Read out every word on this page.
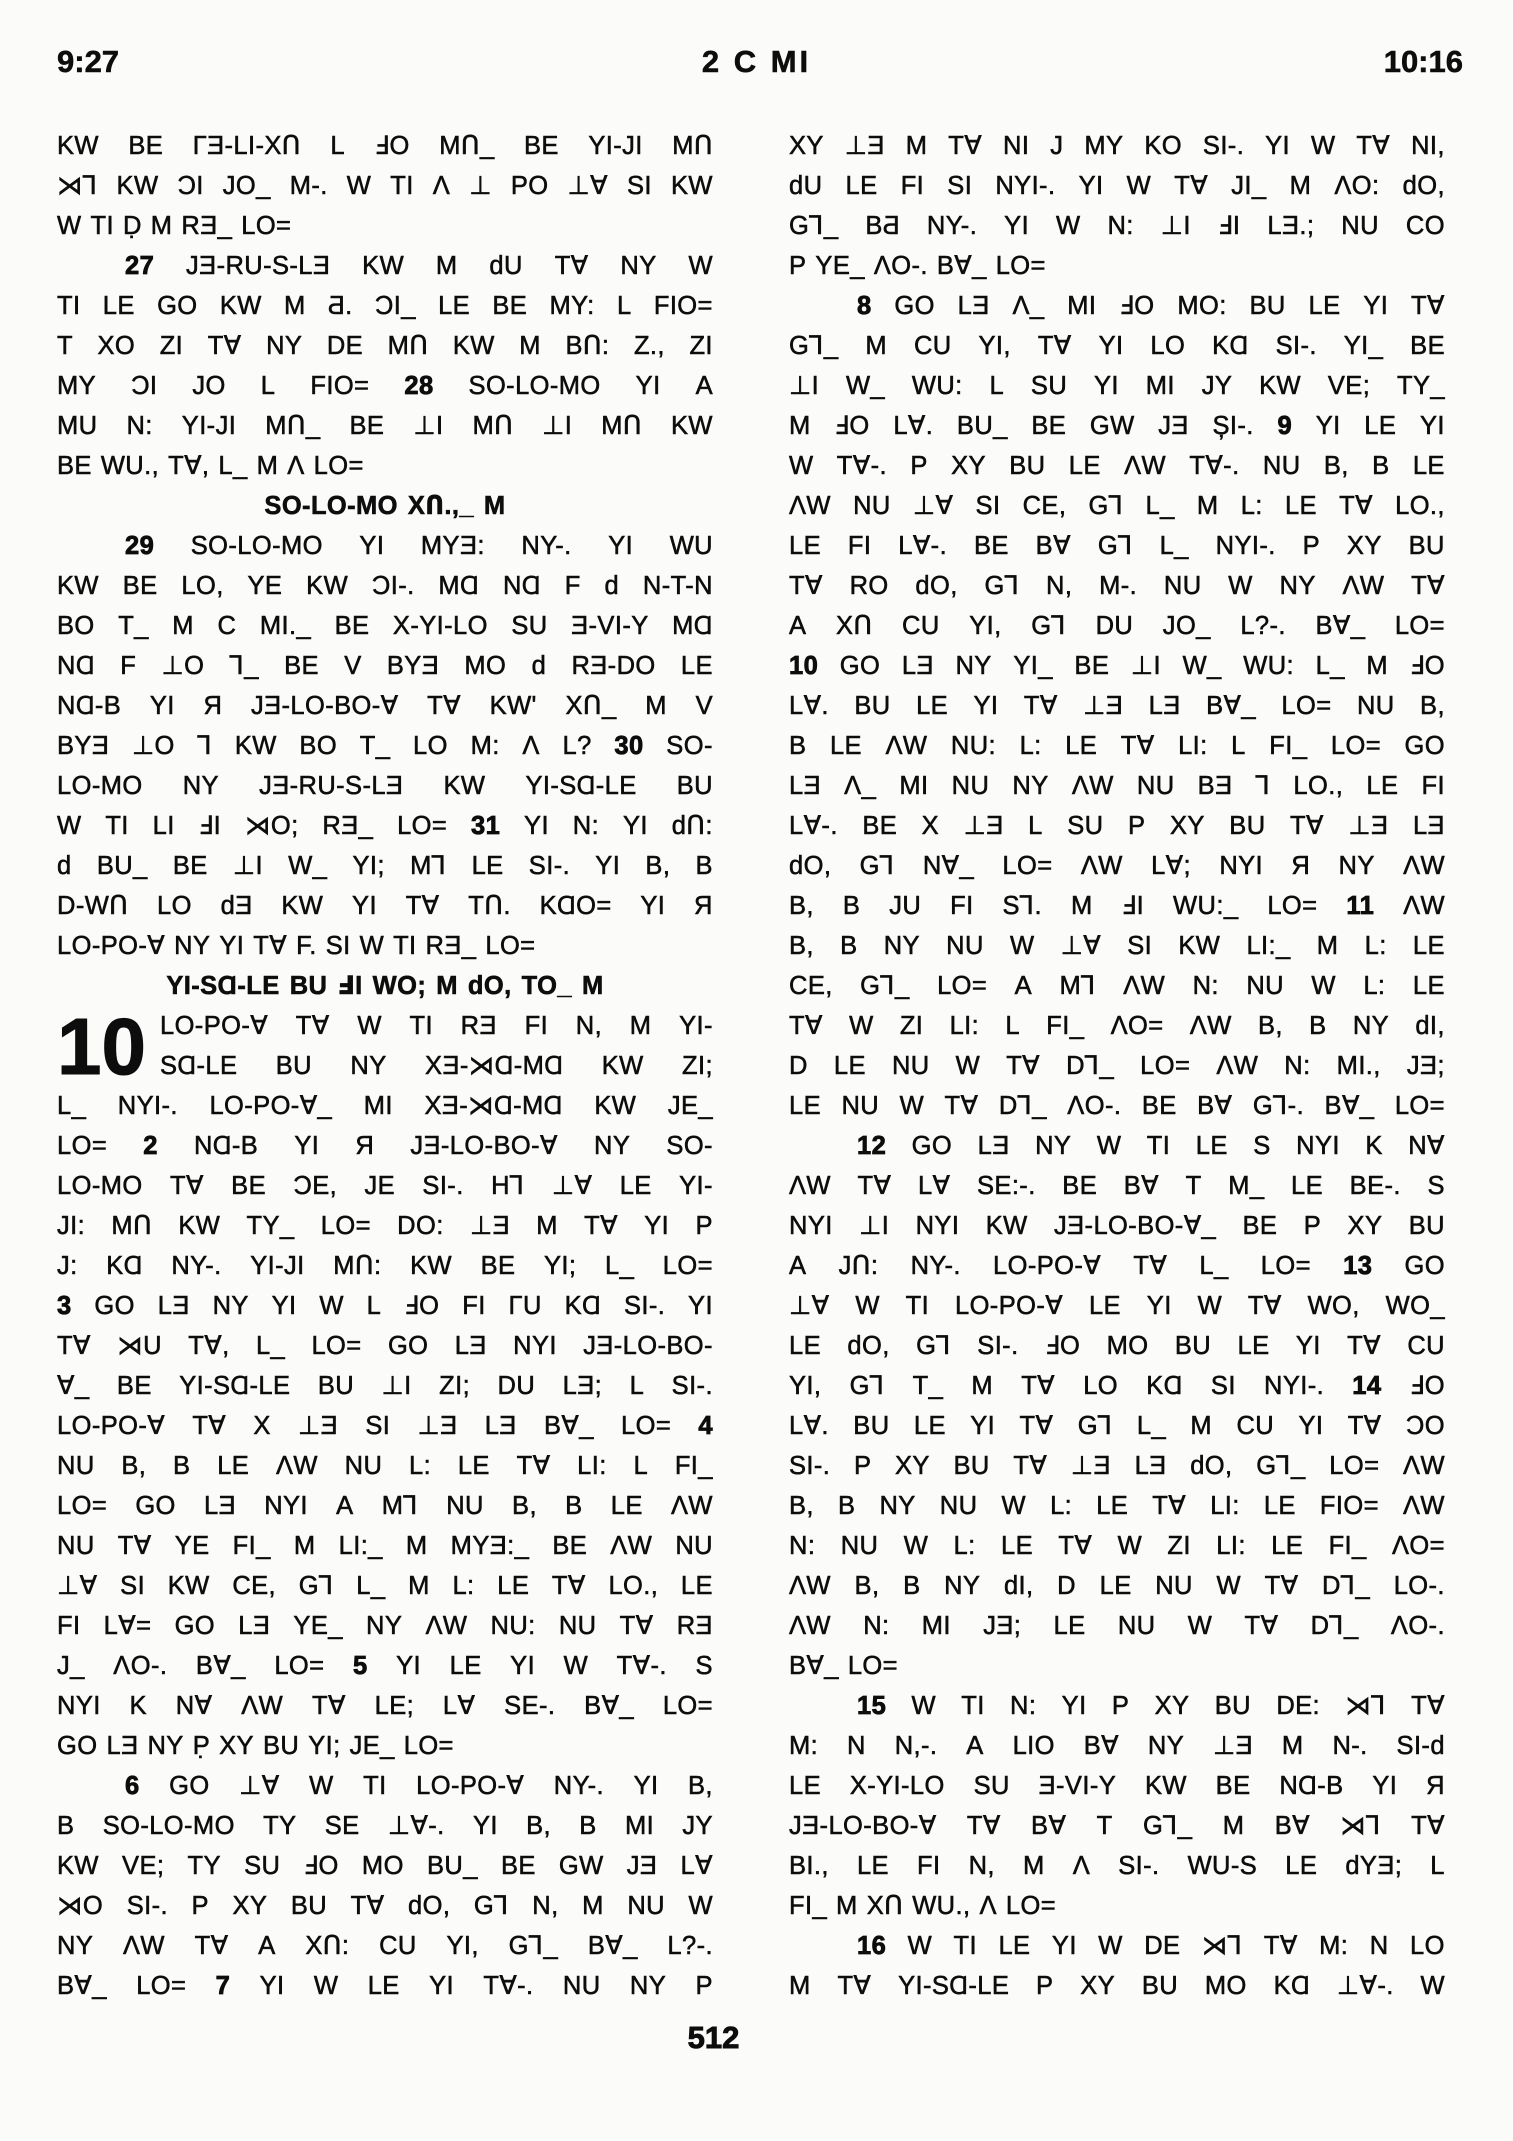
9:27	2 C MI	10:16
KW BE ΓƎ-LI-XՈ L ℲO MՈ_ BE YI-JI MՈ
⋊⅂ KW ƆI JO_ M-. W TI Λ ⊥ PO ⊥∀ SI KW
W TI Ḍ M RƎ_ LO=
27 JƎ-RU-S-LƎ KW M dU T∀ NY W
TI LE GO KW M Ƌ. ƆI_ LE BE MY: L FIO=
T XO ZI T∀ NY DE MՈ KW M BՈ: Z., ZI
MY ƆI JO L FIO= 28 SO-LO-MO YI A
MU N: YI-JI MՈ_ BE ⊥I MՈ ⊥I MՈ KW
BE WU., T∀, L_ M Λ LO=
SO-LO-MO XՈ.,_ M
29 SO-LO-MO YI MYƎ: NY-. YI WU
KW BE LO, YE KW ƆI-. MⱭ NⱭ F d N-T-N
BO T_ M C MI._ BE X-YI-LO SU Ǝ-VI-Y MⱭ
NⱭ F ⊥O ⅂_ BE V BYƎ MO d RƎ-DO LE
NⱭ-B YI Я JƎ-LO-BO-∀ T∀ KW' XՈ_ M V
BYƎ ⊥O ⅂ KW BO T_ LO M: Λ L? 30 SO-
LO-MO NY JƎ-RU-S-LƎ KW YI-SⱭ-LE BU
W TI LI ℲI ⋊O; RƎ_ LO= 31 YI N: YI dՈ:
d BU_ BE ⊥I W_ YI; M⅂ LE SI-. YI B, B
D-WՈ LO dƎ KW YI T∀ TՈ. KⱭO= YI Я
LO-PO-∀ NY YI T∀ F. SI W TI RƎ_ LO=
YI-SⱭ-LE BU ℲI WO; M dO, TO_ M
10 LO-PO-∀ T∀ W TI RƎ FI N, M YI-
SⱭ-LE BU NY XƎ-⋊Ɑ-MⱭ KW ZI;
L_ NYI-. LO-PO-∀_ MI XƎ-⋊Ɑ-MⱭ KW JE_
LO= 2 NⱭ-B YI Я JƎ-LO-BO-∀ NY SO-
LO-MO T∀ BE ƆE, JE SI-. H⅂ ⊥∀ LE YI-
JI: MՈ KW TY_ LO= DO: ⊥Ǝ M T∀ YI P
J: KⱭ NY-. YI-JI MՈ: KW BE YI; L_ LO=
3 GO LƎ NY YI W L ℲO FI ΓU KⱭ SI-. YI
T∀ ⋊U T∀, L_ LO= GO LƎ NYI JƎ-LO-BO-
∀_ BE YI-SⱭ-LE BU ⊥I ZI; DU LƎ; L SI-.
LO-PO-∀ T∀ X ⊥Ǝ SI ⊥Ǝ LƎ B∀_ LO= 4
NU B, B LE ΛW NU L: LE T∀ LI: L FI_
LO= GO LƎ NYI A M⅂ NU B, B LE ΛW
NU T∀ YE FI_ M LI:_ M MYƎ:_ BE ΛW NU
⊥∀ SI KW CE, G⅂ L_ M L: LE T∀ LO., LE
FI L∀= GO LƎ YE_ NY ΛW NU: NU T∀ RƎ
J_ ΛO-. B∀_ LO= 5 YI LE YI W T∀-. S
NYI K N∀ ΛW T∀ LE; L∀ SE-. B∀_ LO=
GO LƎ NY P̣ XY BU YI; JE_ LO=
6 GO ⊥∀ W TI LO-PO-∀ NY-. YI B,
B SO-LO-MO TY SE ⊥∀-. YI B, B MI JY
KW VE; TY SU ℲO MO BU_ BE GW JƎ L∀
⋊O SI-. P XY BU T∀ dO, G⅂ N, M NU W
NY ΛW T∀ A XՈ: CU YI, G⅂_ B∀_ L?-.
B∀_ LO= 7 YI W LE YI T∀-. NU NY P
XY ⊥Ǝ M T∀ NI J MY KO SI-. YI W T∀ NI,
dU LE FI SI NYI-. YI W T∀ JI_ M ΛO: dO,
G⅂_ BƋ NY-. YI W N: ⊥I ℲI LƎ.; NU CO
P YE_ ΛO-. B∀_ LO=
8 GO LƎ Λ_ MI ℲO MO: BU LE YI T∀
G⅂_ M CU YI, T∀ YI LO KⱭ SI-. YI_ BE
⊥I W_ WU: L SU YI MI JY KW VE; TY_
M ℲO L∀. BU_ BE GW JƎ ȘI-. 9 YI LE YI
W T∀-. P XY BU LE ΛW T∀-. NU B, B LE
ΛW NU ⊥∀ SI CE, G⅂ L_ M L: LE T∀ LO.,
LE FI L∀-. BE B∀ G⅂ L_ NYI-. P XY BU
T∀ RO dO, G⅂ N, M-. NU W NY ΛW T∀
A XՈ CU YI, G⅂ DU JO_ L?-. B∀_ LO=
10 GO LƎ NY YI_ BE ⊥I W_ WU: L_ M ℲO
L∀. BU LE YI T∀ ⊥Ǝ LƎ B∀_ LO= NU B,
B LE ΛW NU: L: LE T∀ LI: L FI_ LO= GO
LƎ Λ_ MI NU NY ΛW NU BƎ ⅂ LO., LE FI
L∀-. BE X ⊥Ǝ L SU P XY BU T∀ ⊥Ǝ LƎ
dO, G⅂ N∀_ LO= ΛW L∀; NYI Я NY ΛW
B, B JU FI S⅂. M ℲI WU:_ LO= 11 ΛW
B, B NY NU W ⊥∀ SI KW LI:_ M L: LE
CE, G⅂_ LO= A M⅂ ΛW N: NU W L: LE
T∀ W ZI LI: L FI_ ΛO= ΛW B, B NY dI,
D LE NU W T∀ D⅂_ LO= ΛW N: MI., JƎ;
LE NU W T∀ D⅂_ ΛO-. BE B∀ G⅂-. B∀_ LO=
12 GO LƎ NY W TI LE S NYI K N∀
ΛW T∀ L∀ SE:-. BE B∀ T M_ LE BE-. S
NYI ⊥I NYI KW JƎ-LO-BO-∀_ BE P XY BU
A JՈ: NY-. LO-PO-∀ T∀ L_ LO= 13 GO
⊥∀ W TI LO-PO-∀ LE YI W T∀ WO, WO_
LE dO, G⅂ SI-. ℲO MO BU LE YI T∀ CU
YI, G⅂ T_ M T∀ LO KⱭ SI NYI-. 14 ℲO
L∀. BU LE YI T∀ G⅂ L_ M CU YI T∀ ƆO
SI-. P XY BU T∀ ⊥Ǝ LƎ dO, G⅂_ LO= ΛW
B, B NY NU W L: LE T∀ LI: LE FIO= ΛW
N: NU W L: LE T∀ W ZI LI: LE FI_ ΛO=
ΛW B, B NY dI, D LE NU W T∀ D⅂_ LO-.
ΛW N: MI JƎ; LE NU W T∀ D⅂_ ΛO-.
B∀_ LO=
15 W TI N: YI P XY BU DE: ⋊⅂ T∀
M: N N,-. A LIO B∀ NY ⊥Ǝ M N-. SI-d
LE X-YI-LO SU Ǝ-VI-Y KW BE NⱭ-B YI Я
JƎ-LO-BO-∀ T∀ B∀ T G⅂_ M B∀ ⋊⅂ T∀
BI., LE FI N, M Λ SI-. WU-S LE dYƎ; L
FI_ M XՈ WU., Λ LO=
16 W TI LE YI W DE ⋊⅂ T∀ M: N LO
M T∀ YI-SⱭ-LE P XY BU MO KⱭ ⊥∀-. W
512
